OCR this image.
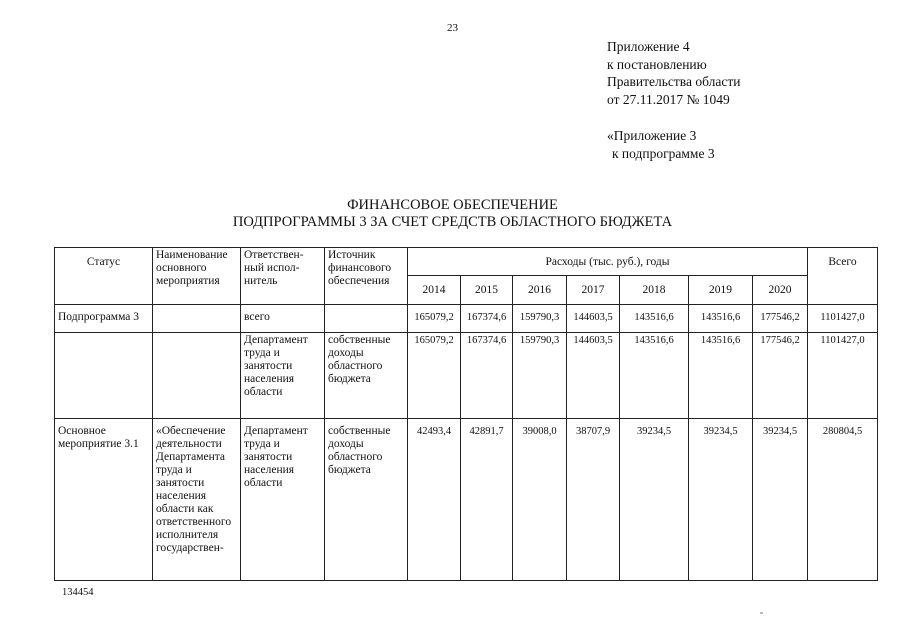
23
Приложение 4
к постановлению
Правительства области
от 27.11.2017 № 1049
«Приложение 3
к подпрограмме 3
ФИНАНСОВОЕ ОБЕСПЕЧЕНИЕ
ПОДПРОГРАММЫ 3 ЗА СЧЕТ СРЕДСТВ ОБЛАСТНОГО БЮДЖЕТА
Статус	Наименование основного мероприятия	Ответствен- ный испол- нитель	Источник финансового обеспечения	Расходы (тыс. руб.), годы							Всего
				2014	2015	2016	2017	2018	2019	2020	
Подпрограмма 3		всего		165079,2	167374,6	159790,3	144603,5	143516,6	143516,6	177546,2	1101427,0
		Департамент труда и занятости населения области	собственные доходы областного бюджета	165079,2	167374,6	159790,3	144603,5	143516,6	143516,6	177546,2	1101427,0
Основное мероприятие 3.1	«Обеспечение деятельности Департамента труда и занятости населения области как ответственного исполнителя государствен-	Департамент труда и занятости населения области	собственные доходы областного бюджета	42493,4	42891,7	39008,0	38707,9	39234,5	39234,5	39234,5	280804,5
134454
